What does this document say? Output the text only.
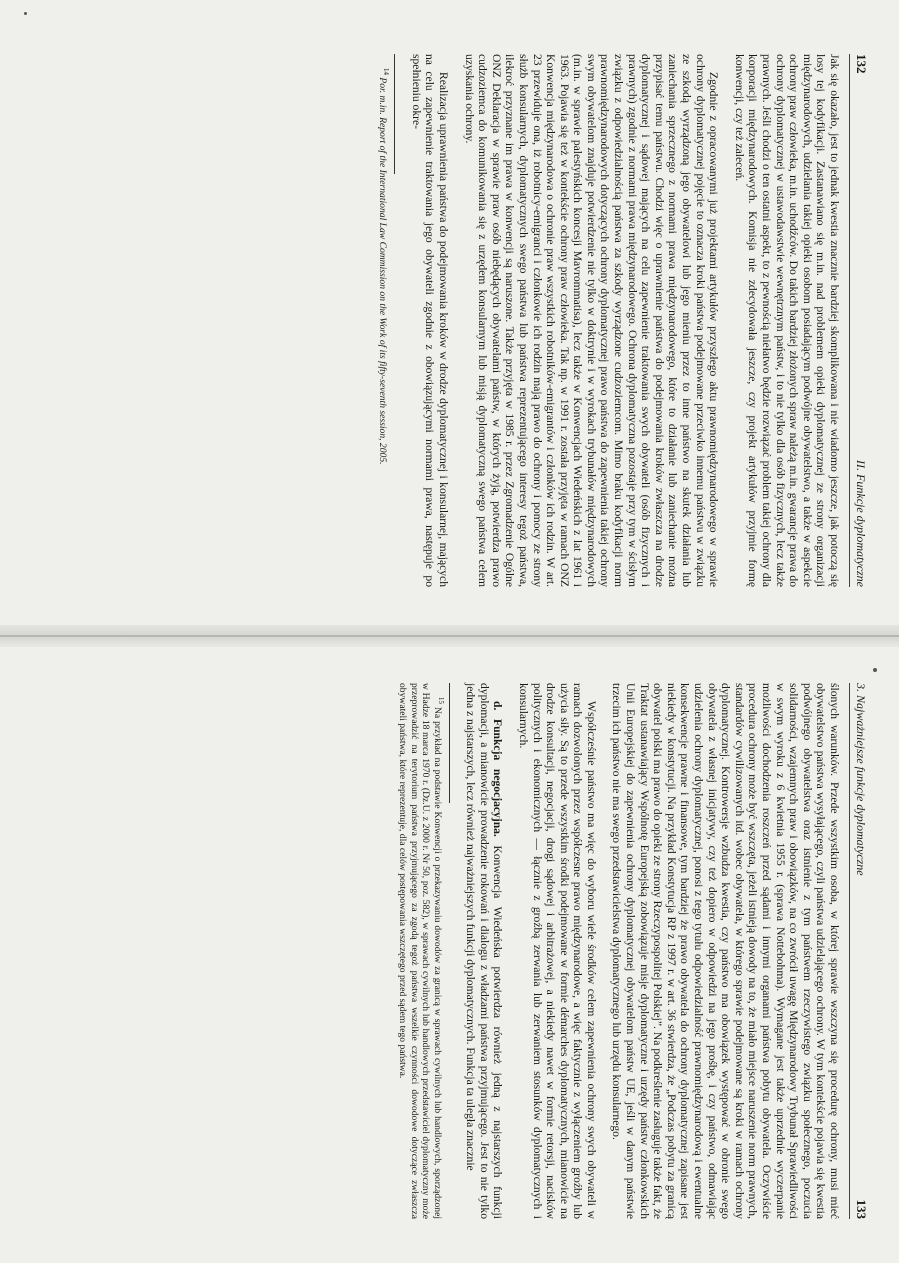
132
II. Funkcje dyplomatyczne

Jak się okazało, jest to jednak kwestia znacznie bardziej skomplikowana i nie wiadomo jeszcze, jak potoczą się losy tej kodyfikacji. Zastanawiano się m.in. nad problemem opieki dyplomatycznej ze strony organizacji międzynarodowych, udzielania takiej opieki osobom posiadającym podwójne obywatelstwo, a także w aspekcie ochrony praw człowieka, m.in. uchodźców. Do takich bardziej złożonych spraw należą m.in. gwarancje prawa do ochrony dyplomatycznej w ustawodawstwie wewnętrznym państw, i to nie tylko dla osób fizycznych, lecz także prawnych. Jeśli chodzi o ten ostatni aspekt, to z pewnością niełatwo będzie rozwiązać problem takiej ochrony dla korporacji międzynarodowych. Komisja nie zdecydowała jeszcze, czy projekt artykułów przyjmie formę konwencji, czy też zaleceń.

Zgodnie z opracowanymi już projektami artykułów przyszłego aktu prawnomiędzynarodowego w sprawie ochrony dyplomatycznej pojęcie to oznacza kroki państwa podejmowane przeciwko innemu państwu w związku ze szkodą wyrządzoną jego obywatelowi lub jego mieniu przez to inne państwo na skutek działania lub zaniechania sprzecznego z normami prawa międzynarodowego, które to działanie lub zaniechanie można przypisać temu państwu. Chodzi więc o uprawnienie państwa do podejmowania kroków zwłaszcza na drodze dyplomatycznej i sądowej mających na celu zapewnienie traktowania swych obywateli (osób fizycznych i prawnych) zgodnie z normami prawa międzynarodowego. Ochrona dyplomatyczna pozostaje przy tym w ścisłym związku z odpowiedzialnością państwa za szkody wyrządzone cudzoziemcom. Mimo braku kodyfikacji norm prawnomiędzynarodowych dotyczących ochrony dyplomatycznej prawo państwa do zapewnienia takiej ochrony swym obywatelom znajduje potwierdzenie nie tylko w doktrynie i w wyrokach trybunałów międzynarodowych (m.in. w sprawie palestyńskich koncesji Mavrommatisa), lecz także w Konwencjach Wiedeńskich z lat 1961 i 1963. Pojawia się też w kontekście ochrony praw człowieka. Tak np. w 1991 r. została przyjęta w ramach ONZ Konwencja międzynarodowa o ochronie praw wszystkich robotników-emigrantów i członków ich rodzin. W art. 23 przewiduje ona, iż robotnicy-emigranci i członkowie ich rodzin mają prawo do ochrony i pomocy ze strony służb konsularnych, dyplomatycznych swego państwa lub państwa reprezentującego interesy tegoż państwa, ilekroć przyznane im prawa w konwencji są naruszone. Także przyjęta w 1985 r. przez Zgromadzenie Ogólne ONZ Deklaracja w sprawie praw osób niebędących obywatelami państw, w których żyją, potwierdza prawo cudzoziemca do komunikowania się z urzędem konsularnym lub misją dyplomatyczną swego państwa celem uzyskania ochrony.

Realizacja uprawnienia państwa do podejmowania kroków w drodze dyplomatycznej i konsularnej, mających na celu zapewnienie traktowania jego obywateli zgodnie z obowiązującymi normami prawa, następuje po spełnieniu okre-

$^{14}$ Por. m.in. Report of the International Law Commission on the Work of its fifty-seventh session, 2005.

3. Najważniejsze funkcje dyplomatyczne
133

ślonych warunków. Przede wszystkim osoba, w której sprawie wszczyna się procedurę ochrony, musi mieć obywatelstwo państwa wysyłającego, czyli państwa udzielającego ochrony. W tym kontekście pojawia się kwestia podwójnego obywatelstwa oraz istnienie z tym państwem rzeczywistego związku społecznego, poczucia solidarności, wzajemnych praw i obowiązków, na co zwrócił uwagę Międzynarodowy Trybunał Sprawiedliwości w swym wyroku z 6 kwietnia 1955 r. (sprawa Nottebohma). Wymagane jest także uprzednie wyczerpanie możliwości dochodzenia roszczeń przed sądami i innymi organami państwa pobytu obywatela. Oczywiście procedura ochrony może być wszczęta, jeżeli istnieją dowody na to, że miało miejsce naruszenie norm prawnych, standardów cywilizowanych itd. wobec obywatela, w którego sprawie podejmowane są kroki w ramach ochrony dyplomatycznej. Kontrowersje wzbudza kwestia, czy państwo ma obowiązek występować w obronie swego obywatela z własnej inicjatywy, czy też dopiero w odpowiedzi na jego prośbę, i czy państwo, odmawiając udzielenia ochrony dyplomatycznej, ponosi z tego tytułu odpowiedzialność prawnomiędzynarodową i ewentualne konsekwencje prawne i finansowe, tym bardziej że prawo obywatela do ochrony dyplomatycznej zapisane jest niekiedy w konstytucji. Na przykład Konstytucja RP z 1997 r. w art. 36 stwierdza, że „Podczas pobytu za granicą obywatel polski ma prawo do opieki ze strony Rzeczypospolitej Polskiej”. Na podkreślenie zasługuje także fakt, że Traktat ustanawiający Wspólnotę Europejską zobowiązuje misje dyplomatyczne i urzędy państw członkowskich Unii Europejskiej do zapewnienia ochrony dyplomatycznej obywatelom państw UE, jeśli w danym państwie trzecim ich państwo nie ma swego przedstawicielstwa dyplomatycznego lub urzędu konsularnego.

Współcześnie państwo ma więc do wyboru wiele środków celem zapewnienia ochrony swych obywateli w ramach dozwolonych przez współczesne prawo międzynarodowe, a więc faktycznie z wyłączeniem groźby lub użycia siły. Są to przede wszystkim środki podejmowane w formie démarches dyplomatycznych, mianowicie na drodze konsultacji, negocjacji, drogi sądowej i arbitrażowej, a niekiedy nawet w formie retorsji, nacisków politycznych i ekonomicznych — łącznie z groźbą zerwania lub zerwaniem stosunków dyplomatycznych i konsularnych.

d. Funkcja negocjacyjna. Konwencja Wiedeńska potwierdza również jedną z najstarszych funkcji dyplomacji, a mianowicie prowadzenie rokowań i dialogu z władzami państwa przyjmującego. Jest to nie tylko jedna z najstarszych, lecz również najważniejszych funkcji dyplomatycznych. Funkcja ta uległa znacznie

$^{15}$ Na przykład na podstawie Konwencji o przekazywaniu dowodów za granicą w sprawach cywilnych lub handlowych, sporządzonej w Hadze 18 marca 1970 r. (Dz.U. z 2000 r. Nr 50, poz. 582), w sprawach cywilnych lub handlowych przedstawiciel dyplomatyczny może przeprowadzić na terytorium państwa przyjmującego za zgodą tegoż państwa wszelkie czynności dowodowe dotyczące zwłaszcza obywateli państwa, które reprezentuje, dla celów postępowania wszczętego przed sądem tego państwa.
